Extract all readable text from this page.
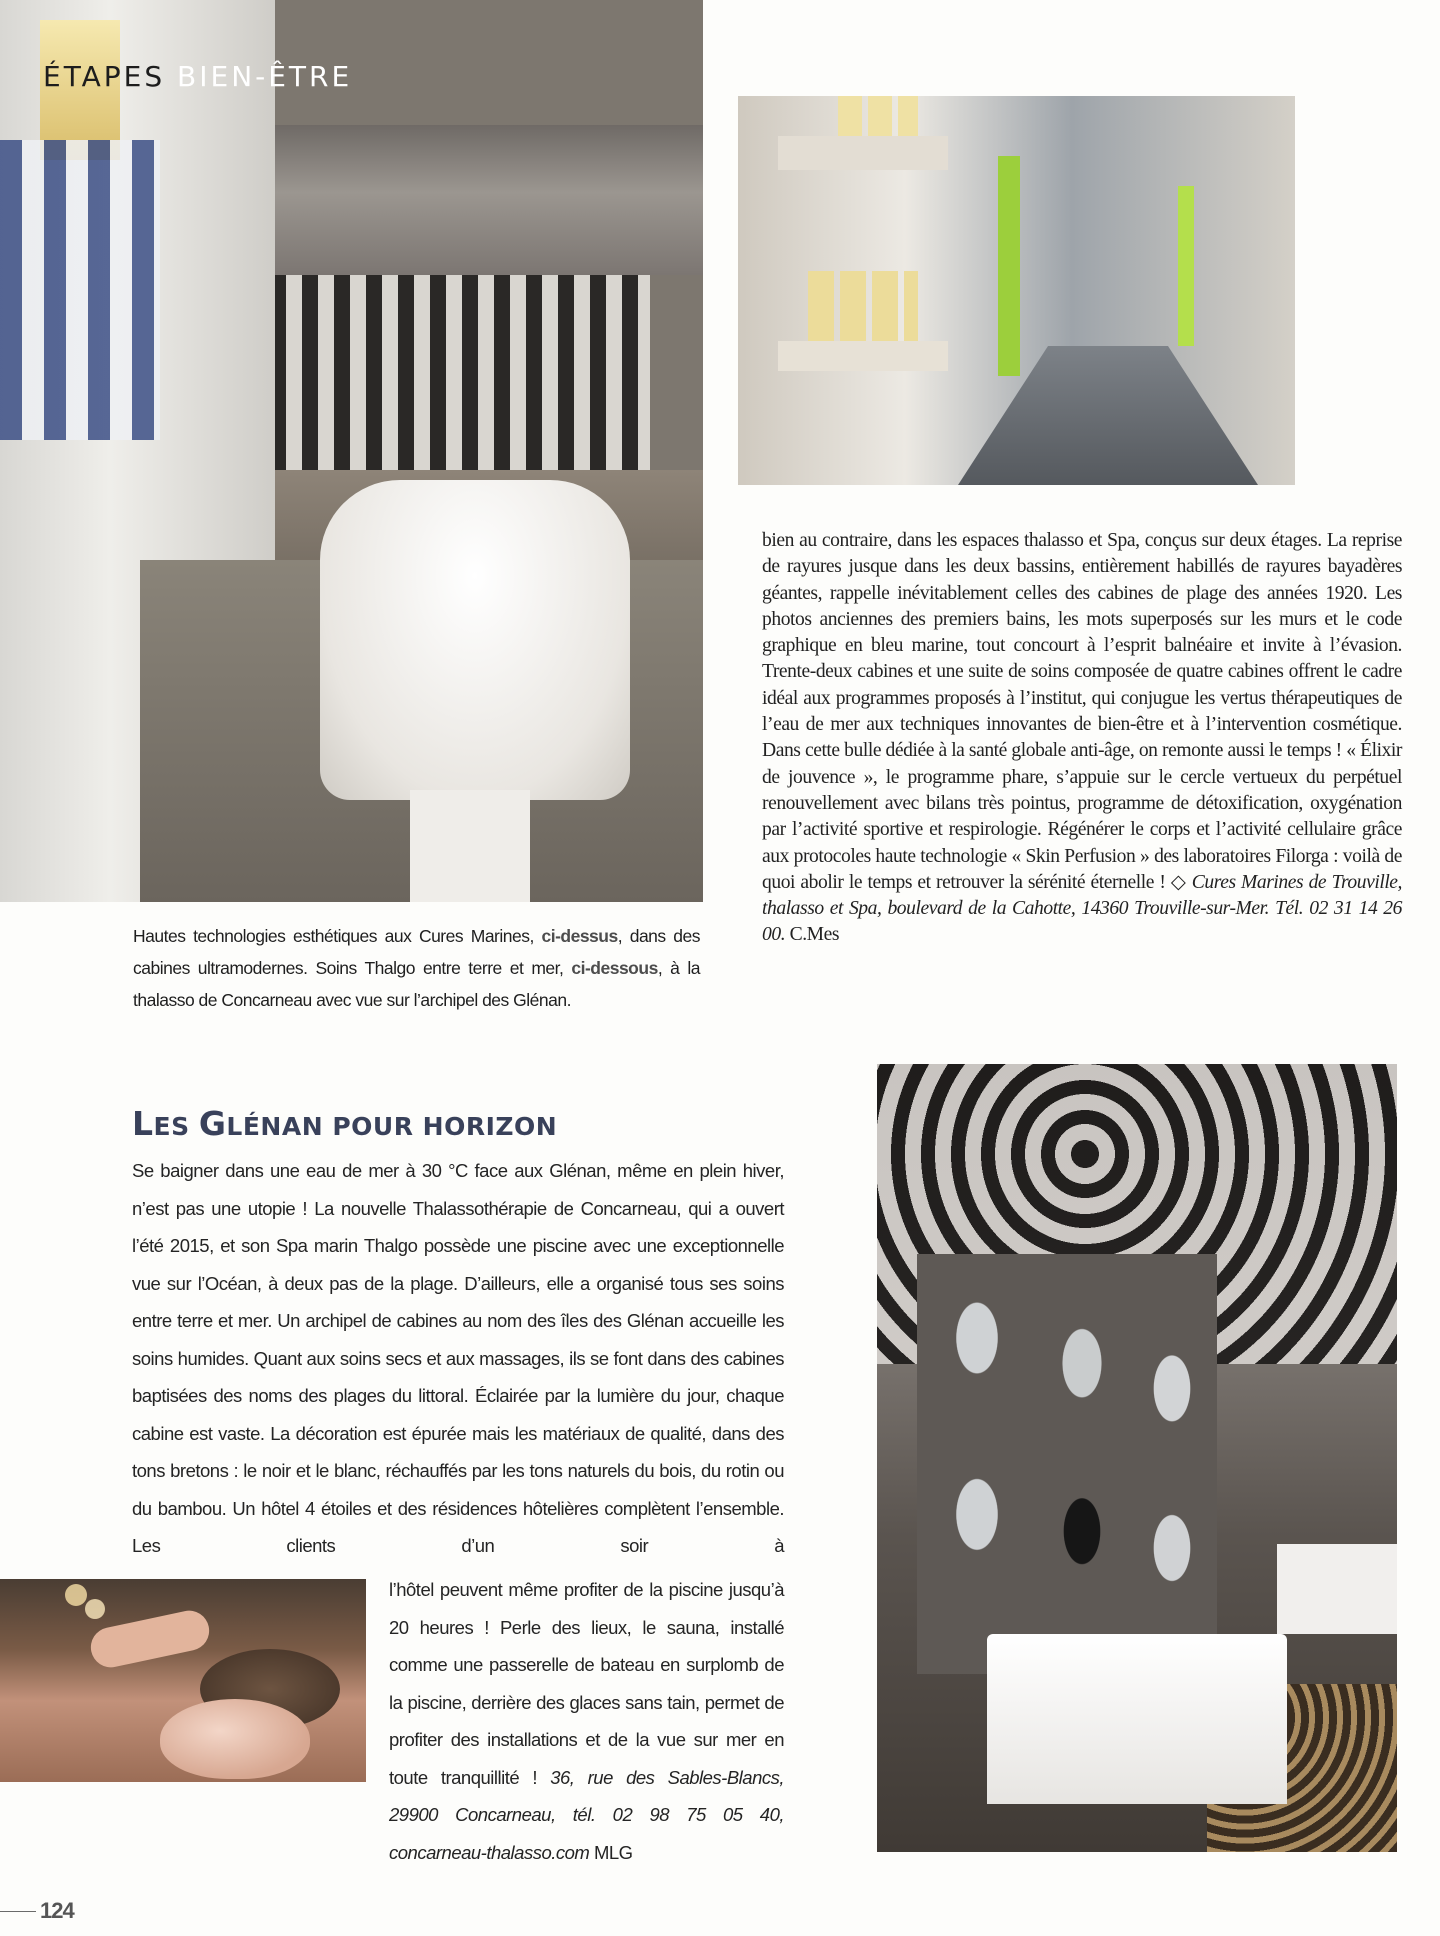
ÉTAPES BIEN-ÊTRE
Hautes technologies esthétiques aux Cures Marines, ci-dessus, dans des cabines ultramodernes. Soins Thalgo entre terre et mer, ci-dessous, à la thalasso de Concarneau avec vue sur l’archipel des Glénan.

bien au contraire, dans les espaces thalasso et Spa, conçus sur deux étages. La reprise de rayures jusque dans les deux bassins, entièrement habillés de rayures bayadères géantes, rappelle inévitablement celles des cabines de plage des années 1920. Les photos anciennes des premiers bains, les mots superposés sur les murs et le code graphique en bleu marine, tout concourt à l’esprit balnéaire et invite à l’évasion. Trente-deux cabines et une suite de soins composée de quatre cabines offrent le cadre idéal aux programmes proposés à l’institut, qui conjugue les vertus thérapeutiques de l’eau de mer aux techniques innovantes de bien-être et à l’intervention cosmétique. Dans cette bulle dédiée à la santé globale anti-âge, on remonte aussi le temps ! « Élixir de jouvence », le programme phare, s’appuie sur le cercle vertueux du perpétuel renouvellement avec bilans très pointus, programme de détoxification, oxygénation par l’activité sportive et respirologie. Régénérer le corps et l’activité cellulaire grâce aux protocoles haute technologie « Skin Perfusion » des laboratoires Filorga : voilà de quoi abolir le temps et retrouver la sérénité éternelle ! ◇ Cures Marines de Trouville, thalasso et Spa, boulevard de la Cahotte, 14360 Trouville-sur-Mer. Tél. 02 31 14 26 00. C.Mes

LES GLÉNAN POUR HORIZON

Se baigner dans une eau de mer à 30 °C face aux Glénan, même en plein hiver, n’est pas une utopie ! La nouvelle Thalassothérapie de Concarneau, qui a ouvert l’été 2015, et son Spa marin Thalgo possède une piscine avec une exceptionnelle vue sur l’Océan, à deux pas de la plage. D’ailleurs, elle a organisé tous ses soins entre terre et mer. Un archipel de cabines au nom des îles des Glénan accueille les soins humides. Quant aux soins secs et aux massages, ils se font dans des cabines baptisées des noms des plages du littoral. Éclairée par la lumière du jour, chaque cabine est vaste. La décoration est épurée mais les matériaux de qualité, dans des tons bretons : le noir et le blanc, réchauffés par les tons naturels du bois, du rotin ou du bambou. Un hôtel 4 étoiles et des résidences hôtelières complètent l’ensemble. Les clients d’un soir à

l’hôtel peuvent même profiter de la piscine jusqu’à 20 heures ! Perle des lieux, le sauna, installé comme une passerelle de bateau en surplomb de la piscine, derrière des glaces sans tain, permet de profiter des installations et de la vue sur mer en toute tranquillité ! 36, rue des Sables-Blancs, 29900 Concarneau, tél. 02 98 75 05 40, concarneau-thalasso.com MLG

124
